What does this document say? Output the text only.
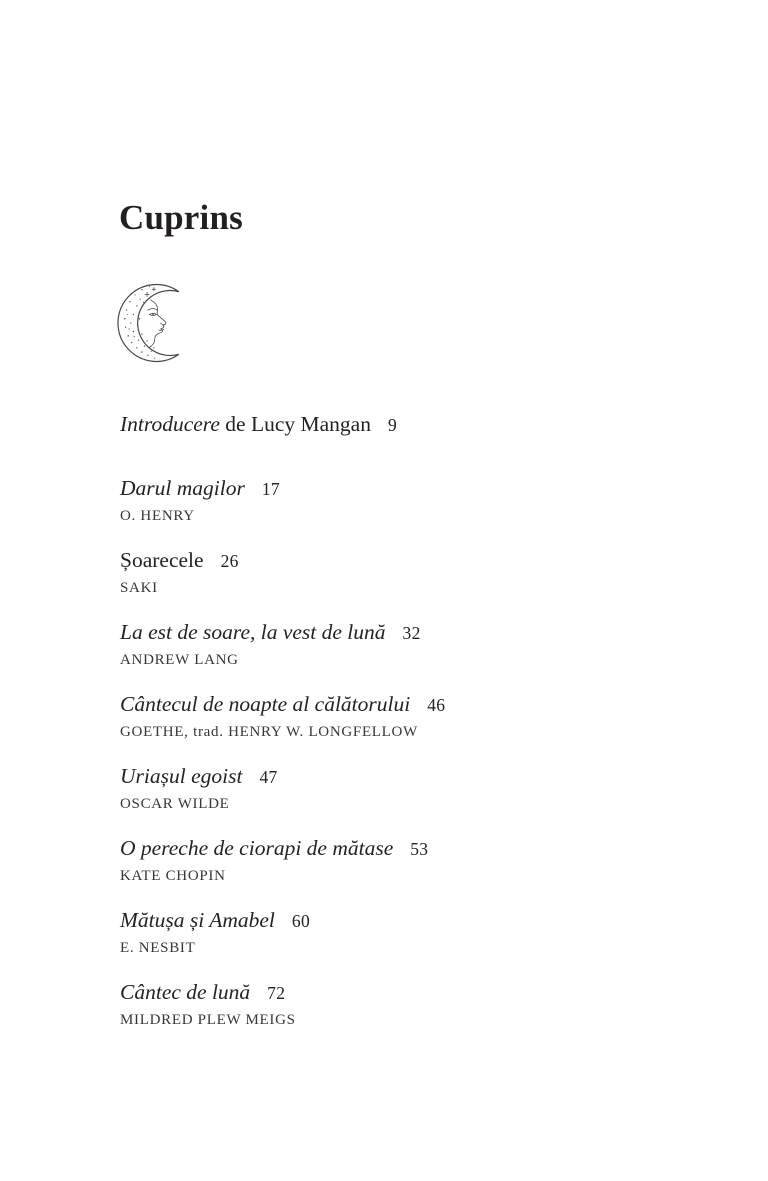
Cuprins
Introducere de Lucy Mangan 9
Darul magilor 17
O. HENRY
Șoarecele 26
SAKI
La est de soare, la vest de lună 32
ANDREW LANG
Cântecul de noapte al călătorului 46
GOETHE, trad. HENRY W. LONGFELLOW
Uriașul egoist 47
OSCAR WILDE
O pereche de ciorapi de mătase 53
KATE CHOPIN
Mătușa și Amabel 60
E. NESBIT
Cântec de lună 72
MILDRED PLEW MEIGS
